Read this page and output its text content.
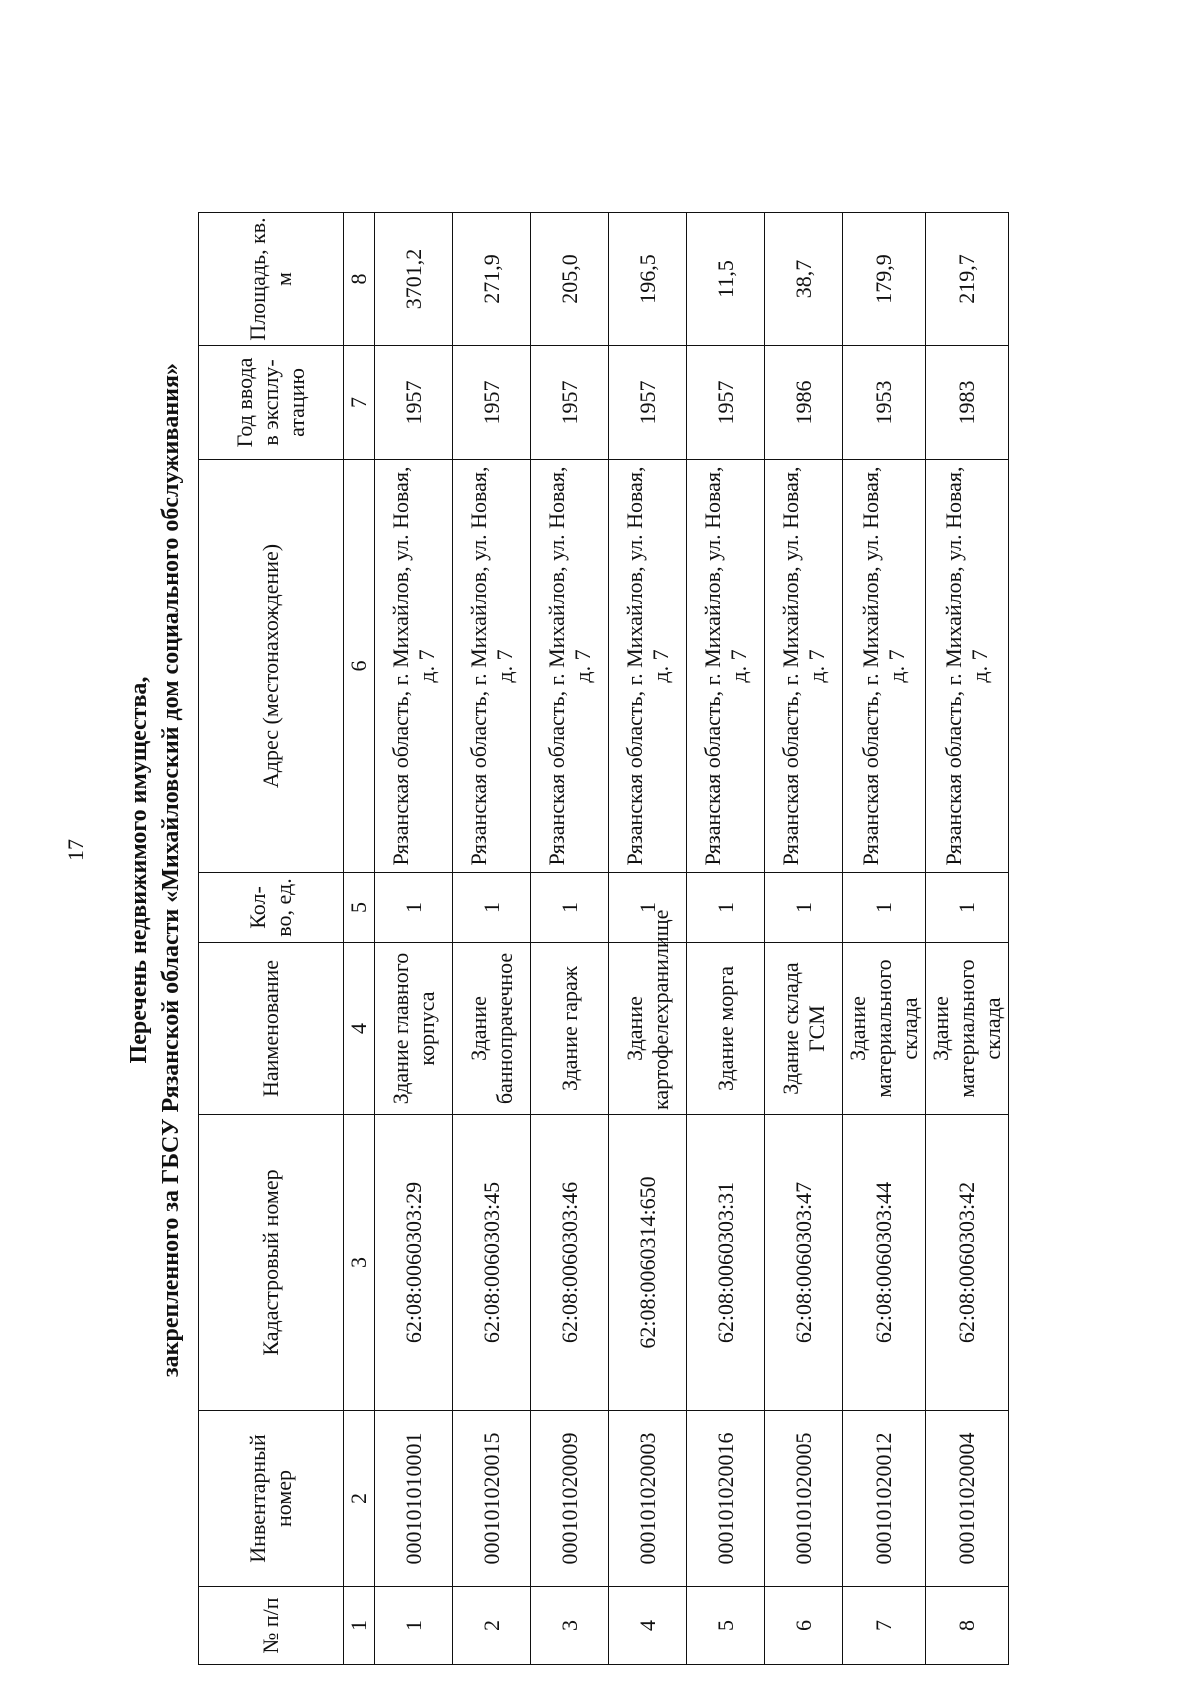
17 Перечень недвижимого имущества, закрепленного за ГБСУ Рязанской области «Михайловский дом социального обслуживания»
№ п/п	Инвентарный номер	Кадастровый номер	Наименование	Кол-во, ед.	Адрес (местонахождение)	Год ввода в эксплу-атацию	Площадь, кв. м
1	2	3	4	5	6	7	8
1	000101010001	62:08:0060303:29	Здание главного корпуса	1	Рязанская область, г. Михайлов, ул. Новая, д. 7	1957	3701,2
2	000101020015	62:08:0060303:45	Здание баннопрачечное	1	Рязанская область, г. Михайлов, ул. Новая, д. 7	1957	271,9
3	000101020009	62:08:0060303:46	Здание гараж	1	Рязанская область, г. Михайлов, ул. Новая, д. 7	1957	205,0
4	000101020003	62:08:0060314:650	Здание картофелехранилище	1	Рязанская область, г. Михайлов, ул. Новая, д. 7	1957	196,5
5	000101020016	62:08:0060303:31	Здание морга	1	Рязанская область, г. Михайлов, ул. Новая, д. 7	1957	11,5
6	000101020005	62:08:0060303:47	Здание склада ГСМ	1	Рязанская область, г. Михайлов, ул. Новая, д. 7	1986	38,7
7	000101020012	62:08:0060303:44	Здание материального склада	1	Рязанская область, г. Михайлов, ул. Новая, д. 7	1953	179,9
8	000101020004	62:08:0060303:42	Здание материального склада	1	Рязанская область, г. Михайлов, ул. Новая, д. 7	1983	219,7
